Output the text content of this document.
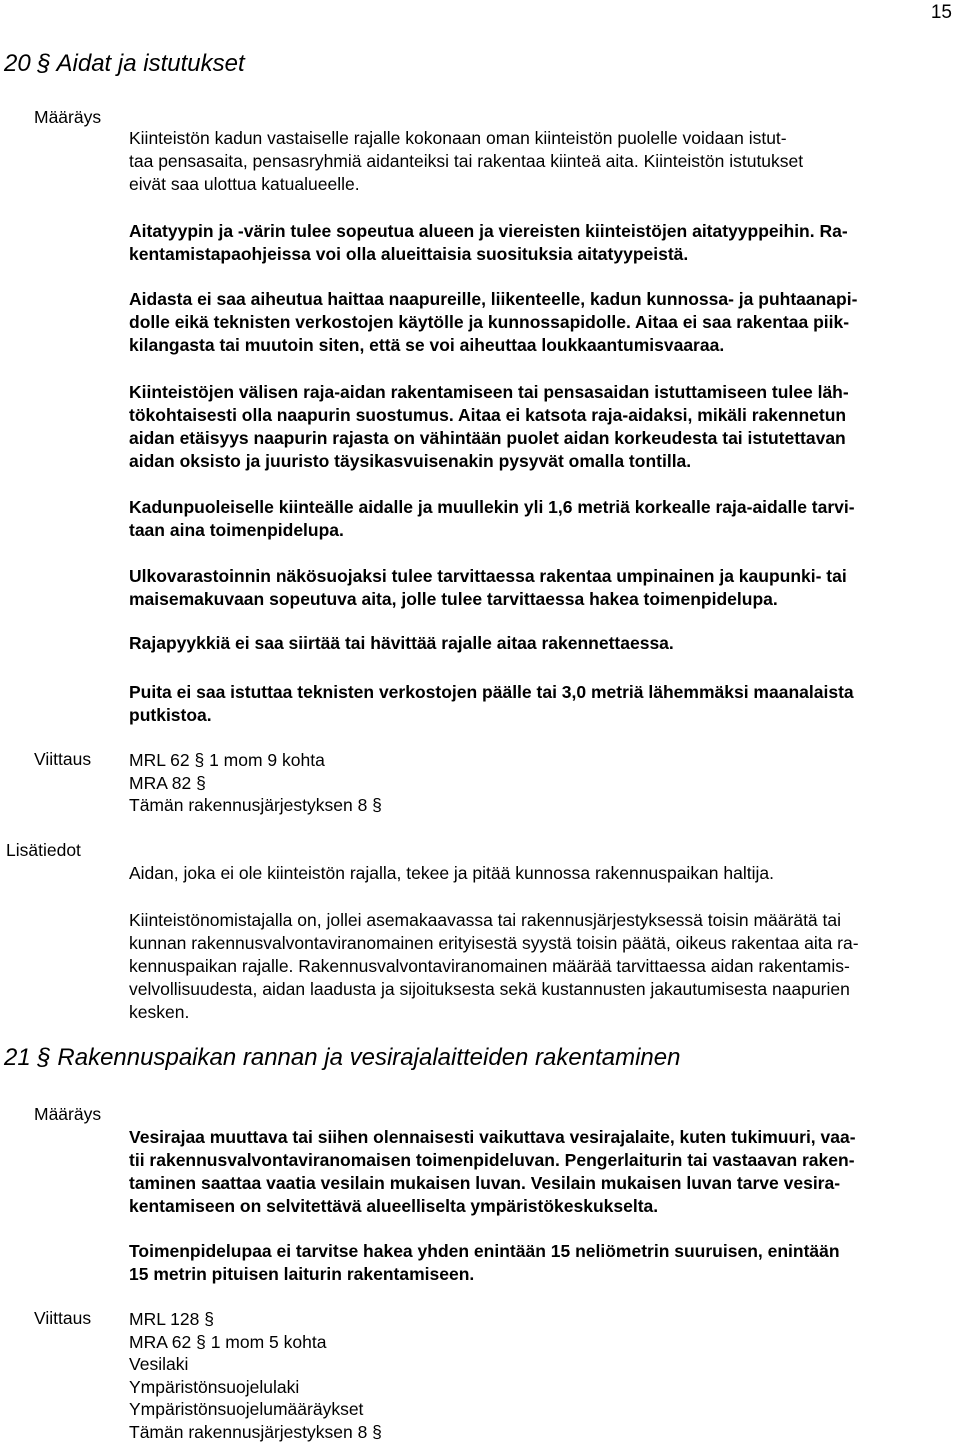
15
20 § Aidat ja istutukset
Määräys
Kiinteistön kadun vastaiselle rajalle kokonaan oman kiinteistön puolelle voidaan istut-
taa pensasaita, pensasryhmiä aidanteiksi tai rakentaa kiinteä aita. Kiinteistön istutukset
eivät saa ulottua katualueelle.
Aitatyypin ja -värin tulee sopeutua alueen ja viereisten kiinteistöjen aitatyyppeihin. Ra-
kentamistapaohjeissa voi olla alueittaisia suosituksia aitatyypeistä.
Aidasta ei saa aiheutua haittaa naapureille, liikenteelle, kadun kunnossa- ja puhtaanapi-
dolle eikä teknisten verkostojen käytölle ja kunnossapidolle. Aitaa ei saa rakentaa piik-
kilangasta tai muutoin siten, että se voi aiheuttaa loukkaantumisvaaraa.
Kiinteistöjen välisen raja-aidan rakentamiseen tai pensasaidan istuttamiseen tulee läh-
tökohtaisesti olla naapurin suostumus. Aitaa ei katsota raja-aidaksi, mikäli rakennetun
aidan etäisyys naapurin rajasta on vähintään puolet aidan korkeudesta tai istutettavan
aidan oksisto ja juuristo täysikasvuisenakin pysyvät omalla tontilla.
Kadunpuoleiselle kiinteälle aidalle ja muullekin yli 1,6 metriä korkealle raja-aidalle tarvi-
taan aina toimenpidelupa.
Ulkovarastoinnin näkösuojaksi tulee tarvittaessa rakentaa umpinainen ja kaupunki- tai
maisemakuvaan sopeutuva aita, jolle tulee tarvittaessa hakea toimenpidelupa.
Rajapyykkiä ei saa siirtää tai hävittää rajalle aitaa rakennettaessa.
Puita ei saa istuttaa teknisten verkostojen päälle tai 3,0 metriä lähemmäksi maanalaista
putkistoa.
Viittaus MRL 62 § 1 mom 9 kohta
MRA 82 §
Tämän rakennusjärjestyksen 8 §
Lisätiedot
Aidan, joka ei ole kiinteistön rajalla, tekee ja pitää kunnossa rakennuspaikan haltija.
Kiinteistönomistajalla on, jollei asemakaavassa tai rakennusjärjestyksessä toisin määrätä tai
kunnan rakennusvalvontaviranomainen erityisestä syystä toisin päätä, oikeus rakentaa aita ra-
kennuspaikan rajalle. Rakennusvalvontaviranomainen määrää tarvittaessa aidan rakentamis-
velvollisuudesta, aidan laadusta ja sijoituksesta sekä kustannusten jakautumisesta naapurien
kesken.
21 § Rakennuspaikan rannan ja vesirajalaitteiden rakentaminen
Määräys
Vesirajaa muuttava tai siihen olennaisesti vaikuttava vesirajalaite, kuten tukimuuri, vaa-
tii rakennusvalvontaviranomaisen toimenpideluvan. Pengerlaiturin tai vastaavan raken-
taminen saattaa vaatia vesilain mukaisen luvan. Vesilain mukaisen luvan tarve vesira-
kentamiseen on selvitettävä alueelliselta ympäristökeskukselta.
Toimenpidelupaa ei tarvitse hakea yhden enintään 15 neliömetrin suuruisen, enintään
15 metrin pituisen laiturin rakentamiseen.
Viittaus MRL 128 §
MRA 62 § 1 mom 5 kohta
Vesilaki
Ympäristönsuojelulaki
Ympäristönsuojelumääräykset
Tämän rakennusjärjestyksen 8 §
